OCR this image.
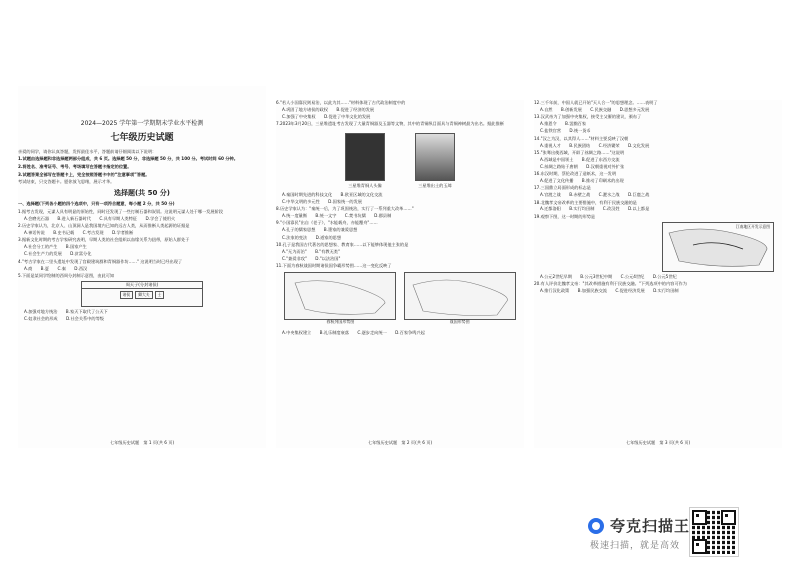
2024—2025 学年第一学期期末学业水平检测
七年级历史试题
亲爱的同学，请你认真答题，发挥最佳水平，答题前请仔细阅读以下说明：
1.试题由选择题和非选择题两部分组成，共 6 页。选择题 50 分，非选择题 50 分，共 100 分。考试时间 60 分钟。
2.将姓名、准考证号、考号、考场填写在答题卡指定的位置。
3.试题答案全部写在答题卡上，完全按照答题卡中的“注意事项”答题。
考试结束，只交答题卡。愿你放飞思绪，展示才华。
选择题(共 50 分)
一、选择题(下列各小题的四个选项中，只有一项符合题意，每小题 2 分，共 50 分)
1.据考古发现，元谋人具有明显的原始性，同时还发现了一些打制石器和炭屑。这说明元谋人处于哪一发展阶段
A.会磨光石器　　B.进入新石器时代　　C.具有早期人类特征　　D.学会了使用火
2.历史学家认为，北京人、山顶洞人是我国境内已知的远古人类，从而推断人类起源的证据是
A.神话传说　　B.史书记载　　C.考古发现　　D.学者推断
3.据新文化时期的考古学家研究表明，早期人类的社会组织以血缘关系为纽带，原始人群处于
A.社会分工的产生　　B.国家产生
C.社会生产力的发展　　D.贫富分化
4."考古学家在二里头遗址中发现了宫殿建筑群和青铜器作坊……" 这说明当时已经出现了
A.商　　B.夏　　C.秦　　D.西汉
5.下面是某同学绘制的西周分封制示意图，由此可知
周天子(分封诸侯)
诸侯	卿大夫	士
A.加强对地方统治　　B.家天下取代了公天下
C.奴隶社会的形成　　D.社会关系中的等级
七年级历史试题　第 1 页(共 6 页)
6."若人小国寡民则易治，以此为其……"材料体现了古代政治制度中的
A.巩固了地方诸侯的政权　　B.促进了经济的发展
C.加强了中央集权　　D.促进了中华文化的发展
7.2023年3月20日，三星堆遗址考古发现了大量青铜器及玉器等文物，其中的青铜纵目面具与青铜神树最为出名。据此推断
三星堆青铜人头像	三星堆出土的玉璋
A.秦国时期先进的科技文化　　B.欧亚区域的文化交流
C.中华文明的多元性　　D.国家统一的发展
8.历史学家认为："秦统一后，为了巩固统治，实行了一系列重大改革……"
A.统一度量衡　　B.统一文字　　C.焚书坑儒　　D.郡县制
9."小国寡民"出自《老子》，"水能载舟，亦能覆舟"……
A.孔子的儒家思想　　B.墨家的兼爱思想
C.法家的变法　　D.道家的思想
10.孔子是我国古代著名的思想家、教育家……以下能够体现他主张的是
A."无为而治"　　B."有教无类"
C."兼爱非攻"　　D."以法治国"
11.下面为春秋战国时期诸侯国争霸形势图……这一变化反映了
春秋列国形势图
	战国形势图
A.中央集权建立　　B.礼乐制度衰落　　C.逐步走向统一　　D.百家争鸣兴起
七年级历史试题　第 2 页(共 6 页)
12.三千年前，中国人就已开始"天人合一"的思想理念。……表明了
A.自然　　B.创新发展　　C.民族交融　　D.思想多元发展
13.汉武帝为了加强中央集权，接受主父偃的建议，颁布了
A.推恩令　　B.罢黜百家
C.盐铁官营　　D.统一货币
14."汉之为汉，以其得人……"材料主要反映了汉朝
A.重视人才　　B.民族团结　　C.经济繁荣　　D.文化发展
15."张骞出使西域，开辟了丝绸之路……"这说明
A.西域是中国领土　　B.促进了东西方交流
C.丝绸之路始于唐朝　　D.汉朝重视对外扩张
16.东汉时期，蔡伦改进了造纸术，这一发明
A.促进了文化传播　　B.推动了印刷术的出现
17.三国鼎立局面形成的标志是
A.官渡之战　　B.赤壁之战　　C.淝水之战　　D.巨鹿之战
18.北魏孝文帝改革的主要措施中，有利于民族交融的是
A.迁都洛阳　　B.实行均田制　　C.改汉姓　　D.以上都是
19.观察下图，这一时期的形势是
江南地区开发示意图
A.公元2世纪早期　　B.公元3世纪中期　　C.公元4世纪　　D.公元5世纪
20.有人评价北魏孝文帝："其改革措施有利于民族交融。"下列选项中的内容可作为
A.推行汉化政策　　B.加强民族交流　　C.促进经济发展　　D.实行均田制
七年级历史试题　第 3 页(共 6 页)
夸克扫描王
极速扫描，就是高效
